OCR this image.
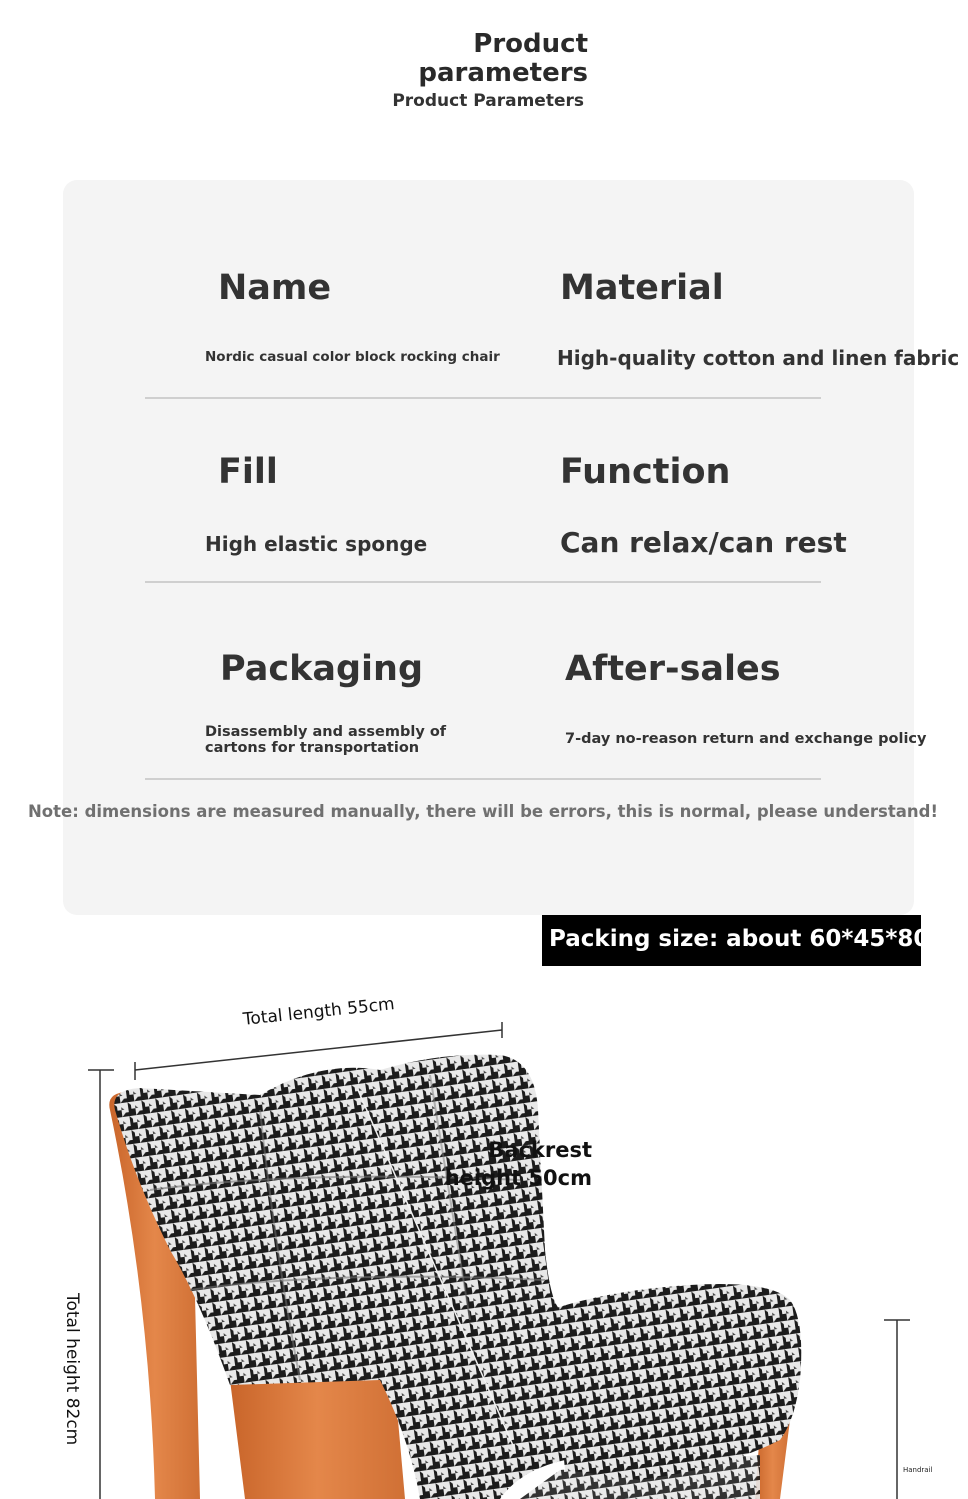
Product parameters
Product Parameters
Name
Nordic casual color block rocking chair
Material
High-quality cotton and linen fabric
Fill
High elastic sponge
Function
Can relax/can rest
Packaging
Disassembly and assembly of cartons for transportation
After-sales
7-day no-reason return and exchange policy
Note: dimensions are measured manually, there will be errors, this is normal, please understand!
Packing size: about 60*45*80
Total length 55cm
Backrest height 50cm
Total height 82cm
Handrail
